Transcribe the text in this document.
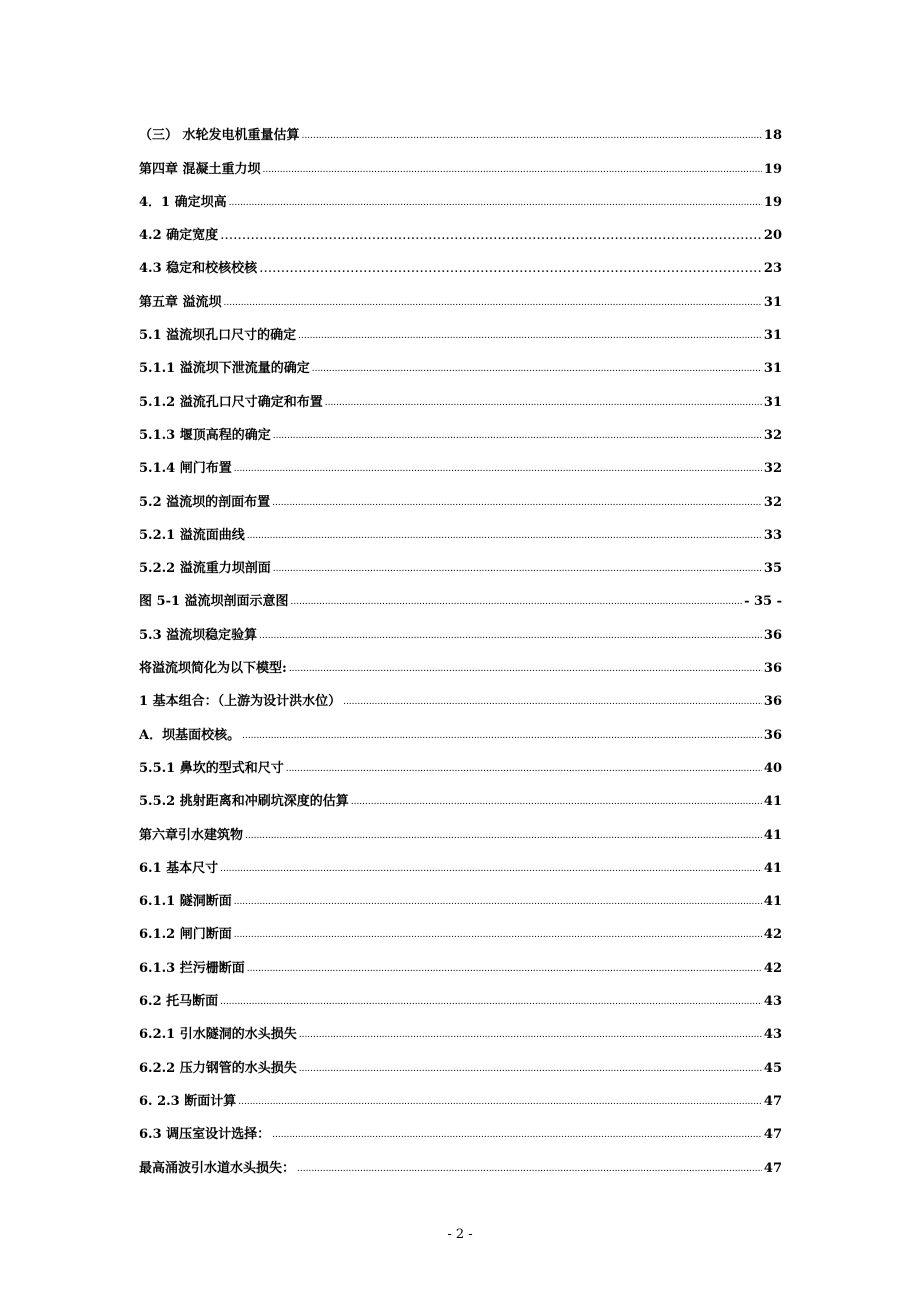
（三） 水轮发电机重量估算 .....	18
第四章 混凝土重力坝 .....	19
4．1 确定坝高 .....	19
4.2 确定宽度 …………………………………………………………………………………………………………………………………………………………………………	20
4.3 稳定和校核校核 …………………………………………………………………………………………………………………………………………………………………………	23
第五章 溢流坝 .....	31
5.1 溢流坝孔口尺寸的确定 .....	31
5.1.1 溢流坝下泄流量的确定 .....	31
5.1.2 溢流孔口尺寸确定和布置 .....	31
5.1.3 堰顶高程的确定 .....	32
5.1.4 闸门布置 .....	32
5.2 溢流坝的剖面布置 .....	32
5.2.1 溢流面曲线 .....	33
5.2.2 溢流重力坝剖面 .....	35
图 5-1 溢流坝剖面示意图 .....	- 35 -
5.3 溢流坝稳定验算 .....	36
将溢流坝简化为以下模型: .....	36
1 基本组合：（上游为设计洪水位） .....	36
A．坝基面校核。 .....	36
5.5.1 鼻坎的型式和尺寸 .....	40
5.5.2 挑射距离和冲刷坑深度的估算 .....	41
第六章引水建筑物 .....	41
6.1 基本尺寸 .....	41
6.1.1 隧洞断面 .....	41
6.1.2 闸门断面 .....	42
6.1.3 拦污栅断面 .....	42
6.2 托马断面 .....	43
6.2.1 引水隧洞的水头损失 .....	43
6.2.2 压力钢管的水头损失 .....	45
6. 2.3 断面计算 .....	47
6.3 调压室设计选择： .....	47
最高涌波引水道水头损失： .....	47
- 2 -
